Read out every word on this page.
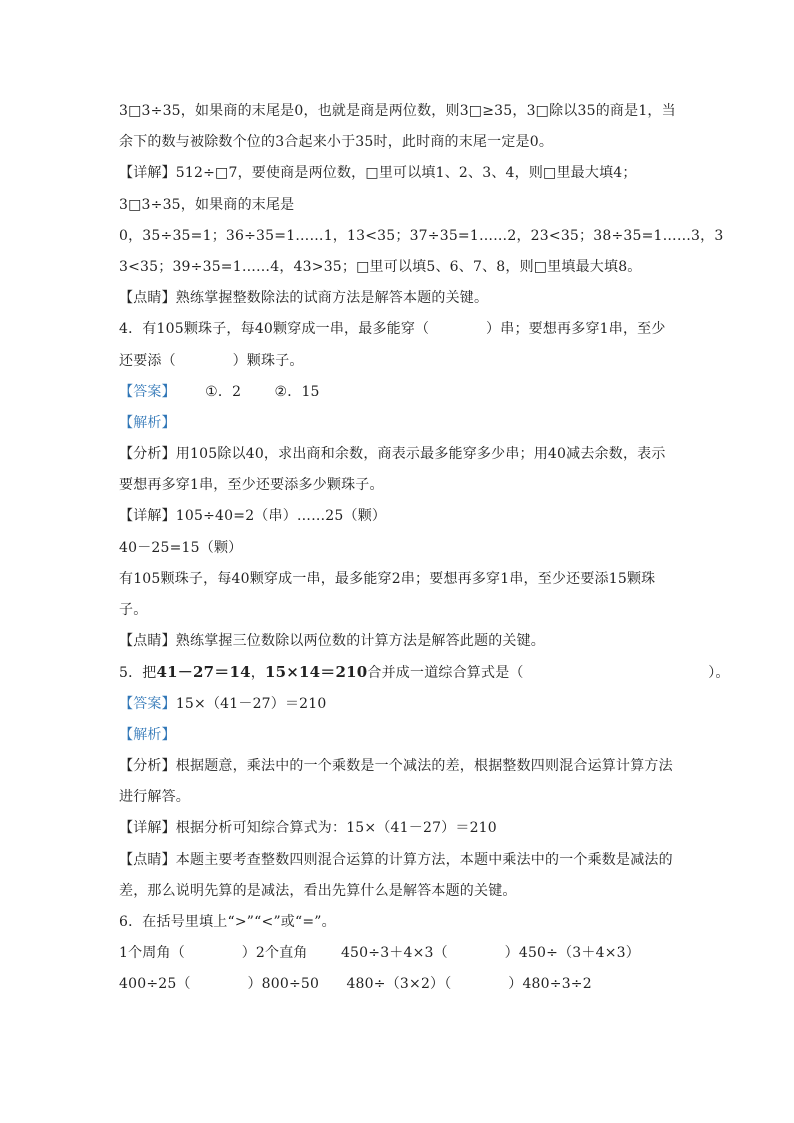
3□3÷35，如果商的末尾是0，也就是商是两位数，则3□≥35，3□除以35的商是1，当
余下的数与被除数个位的3合起来小于35时，此时商的末尾一定是0。
【详解】512÷□7，要使商是两位数，□里可以填1、2、3、4，则□里最大填4；
3□3÷35，如果商的末尾是
0，35÷35=1；36÷35=1……1，13<35；37÷35=1……2，23<35；38÷35=1……3，3
3<35；39÷35=1……4，43>35；□里可以填5、6、7、8，则□里填最大填8。
【点睛】熟练掌握整数除法的试商方法是解答本题的关键。
4．有105颗珠子，每40颗穿成一串，最多能穿（　　　　）串；要想再多穿1串，至少
还要添（　　　　）颗珠子。
【答案】 ①．2 ②．15
【解析】
【分析】用105除以40，求出商和余数，商表示最多能穿多少串；用40减去余数，表示
要想再多穿1串，至少还要添多少颗珠子。
【详解】105÷40=2（串）……25（颗）
40－25=15（颗）
有105颗珠子，每40颗穿成一串，最多能穿2串；要想再多穿1串，至少还要添15颗珠
子。
【点睛】熟练掌握三位数除以两位数的计算方法是解答此题的关键。
5．把41－27＝14，15×14＝210合并成一道综合算式是（　　　　　　　　　　　　　）。
【答案】15×（41－27）＝210
【解析】
【分析】根据题意，乘法中的一个乘数是一个减法的差，根据整数四则混合运算计算方法
进行解答。
【详解】根据分析可知综合算式为：15×（41－27）＝210
【点睛】本题主要考查整数四则混合运算的计算方法，本题中乘法中的一个乘数是减法的
差，那么说明先算的是减法，看出先算什么是解答本题的关键。
6．在括号里填上“>”“<”或“=”。
1个周角（　　　　）2个直角 450÷3＋4×3（　　　　）450÷（3＋4×3）
400÷25（　　　　）800÷50 480÷（3×2）（　　　　）480÷3÷2
